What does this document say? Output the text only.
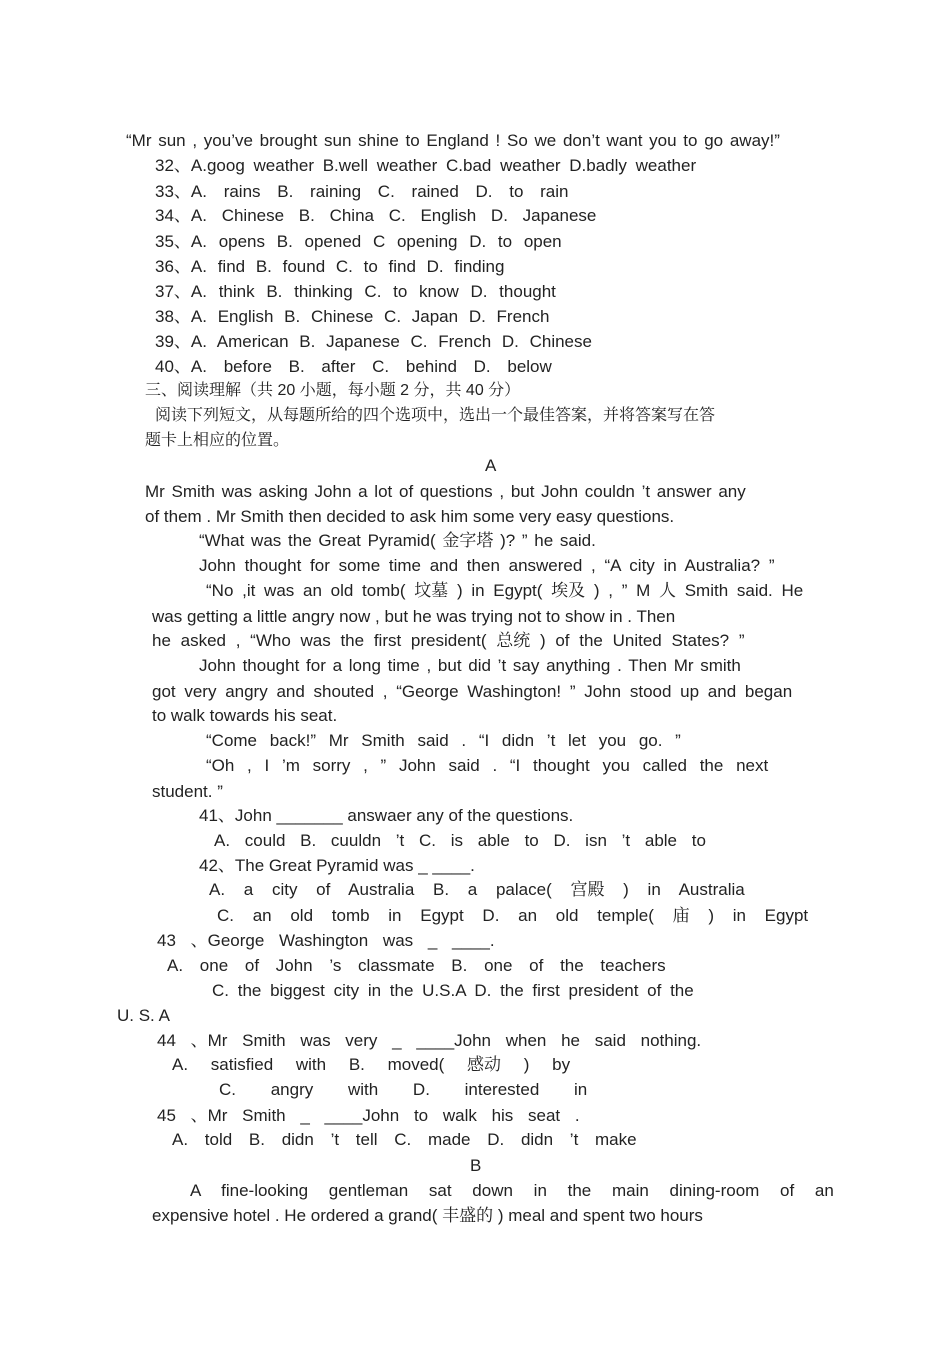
“Mr sun , you’ve brought sun shine to England ! So we don’t want you to go away!”
32、A.goog weather B.well weather C.bad weather D.badly weather
33、A. rains B. raining C. rained D. to rain
34、A. Chinese B. China C. English D. Japanese
35、A. opens B. opened C opening D. to open
36、A. find B. found C. to find D. finding
37、A. think B. thinking C. to know D. thought
38、A. English B. Chinese C. Japan D. French
39、A. American B. Japanese C. French D. Chinese
40、A. before B. after C. behind D. below
三、阅读理解（共 20 小题，每小题 2 分，共 40 分）
阅读下列短文，从每题所给的四个选项中，选出一个最佳答案，并将答案写在答
题卡上相应的位置。
A
Mr Smith was asking John a lot of questions , but John couldn ’t answer any
of them . Mr Smith then decided to ask him some very easy questions.
“What was the Great Pyramid( 金字塔 )? ” he said.
John thought for some time and then answered , “A city in Australia? ”
“No ,it was an old tomb( 坟墓 ) in Egypt( 埃及 ) , ” M 人 Smith said. He
was getting a little angry now , but he was trying not to show in . Then
he asked , “Who was the first president( 总统 ) of the United States? ”
John thought for a long time , but did ’t say anything . Then Mr smith
got very angry and shouted , “George Washington! ” John stood up and began
to walk towards his seat.
“Come back!” Mr Smith said . “I didn ’t let you go. ”
“Oh , I ’m sorry , ” John said . “I thought you called the next
student. ”
41、John _______ answaer any of the questions.
A. could B. cuuldn ’t C. is able to D. isn ’t able to
42、The Great Pyramid was _ ____.
A. a city of Australia B. a palace( 宫殿 ) in Australia
C. an old tomb in Egypt D. an old temple( 庙 ) in Egypt
43 、George Washington was _ ____.
A. one of John ’s classmate B. one of the teachers
C. the biggest city in the U.S.A D. the first president of the
U. S. A
44 、Mr Smith was very _ ____John when he said nothing.
A. satisfied with B. moved( 感动 ) by
C. angry with D. interested in
45 、Mr Smith _ ____John to walk his seat .
A. told B. didn ’t tell C. made D. didn ’t make
B
A fine-looking gentleman sat down in the main dining-room of an
expensive hotel . He ordered a grand( 丰盛的 ) meal and spent two hours
